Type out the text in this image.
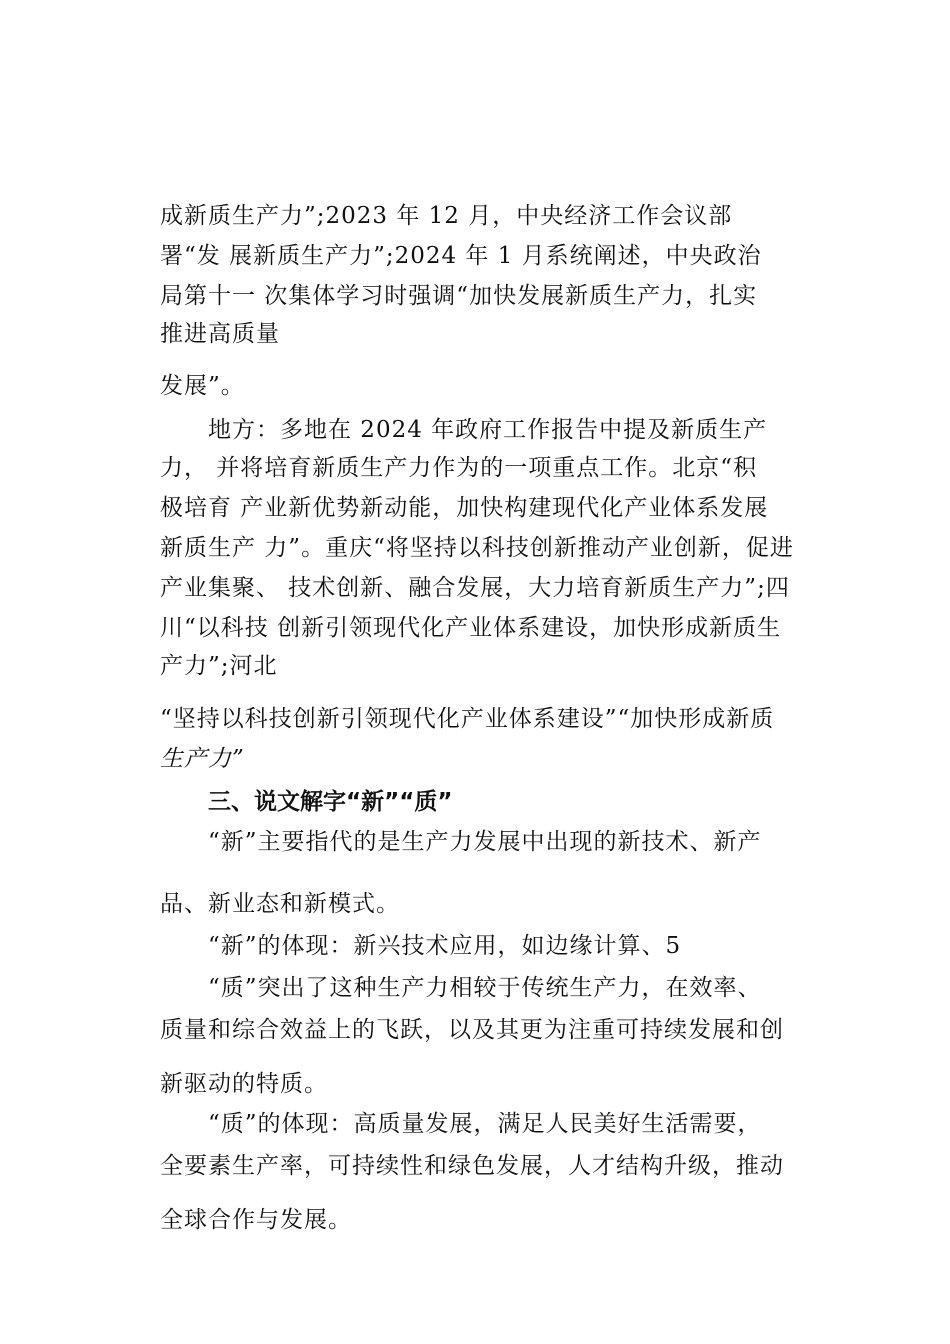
成新质生产力”;2023 年 12 月，中央经济工作会议部
署“发 展新质生产力”;2024 年 1 月系统阐述，中央政治
局第十一 次集体学习时强调“加快发展新质生产力，扎实
推进高质量
发展”。
地方：多地在 2024 年政府工作报告中提及新质生产
力， 并将培育新质生产力作为的一项重点工作。北京“积
极培育 产业新优势新动能，加快构建现代化产业体系发展
新质生产 力”。重庆“将坚持以科技创新推动产业创新，促进
产业集聚、 技术创新、融合发展，大力培育新质生产力”;四
川“以科技 创新引领现代化产业体系建设，加快形成新质生
产力”;河北
“坚持以科技创新引领现代化产业体系建设”“加快形成新质
生产力”
三、说文解字“新”“质”
“新”主要指代的是生产力发展中出现的新技术、新产
品、新业态和新模式。
“新”的体现：新兴技术应用，如边缘计算、5
“质”突出了这种生产力相较于传统生产力，在效率、
质量和综合效益上的飞跃，以及其更为注重可持续发展和创
新驱动的特质。
“质”的体现：高质量发展，满足人民美好生活需要，
全要素生产率，可持续性和绿色发展，人才结构升级，推动
全球合作与发展。
